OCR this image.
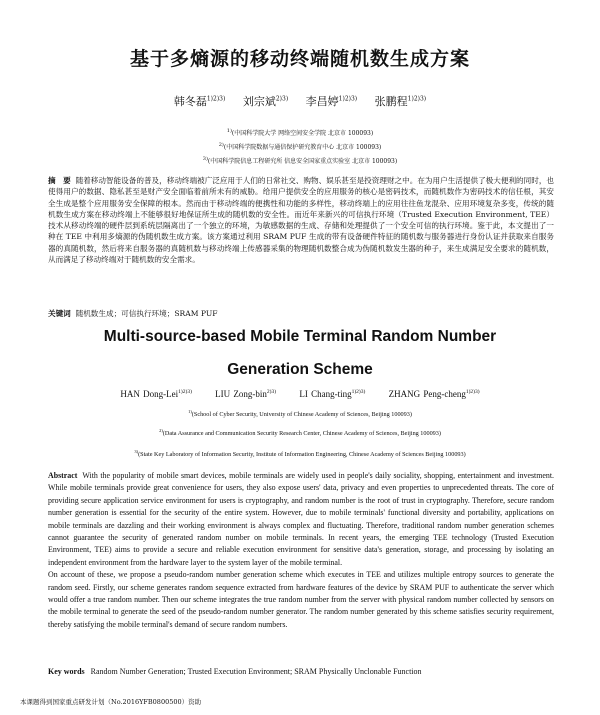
基于多熵源的移动终端随机数生成方案
韩冬磊$^{1)2)3)}$ 刘宗斌$^{2)3)}$ 李昌婷$^{1)2)3)}$ 张鹏程$^{1)2)3)}$
$^{1)}$(中国科学院大学 网络空间安全学院 北京市 100093)
$^{2)}$(中国科学院数据与通信保护研究教育中心 北京市 100093)
$^{3)}$(中国科学院信息工程研究所 信息安全国家重点实验室 北京市 100093)
摘　要 随着移动智能设备的普及，移动终端被广泛应用于人们的日常社交、购物、娱乐甚至是投资理财之中。在为用户生活提供了极大便利的同时，也使得用户的数据、隐私甚至是财产安全面临着前所未有的威胁。给用户提供安全的应用服务的核心是密码技术，而随机数作为密码技术的信任根，其安全生成是整个应用服务安全保障的根本。然而由于移动终端的便携性和功能的多样性，移动终端上的应用往往鱼龙混杂、应用环境复杂多变，传统的随机数生成方案在移动终端上不能够很好地保证所生成的随机数的安全性。而近年来新兴的可信执行环境（Trusted Execution Environment, TEE）技术从移动终端的硬件层到系统层隔离出了一个独立的环境，为敏感数据的生成、存储和处理提供了一个安全可信的执行环境。鉴于此，本文提出了一种在 TEE 中利用多熵源的伪随机数生成方案。该方案通过利用 SRAM PUF 生成的带有设备硬件特征的随机数与服务器进行身份认证并获取来自服务器的真随机数，然后将来自服务器的真随机数与移动终端上传感器采集的物理随机数整合成为伪随机数发生器的种子，来生成满足安全要求的随机数，从而满足了移动终端对于随机数的安全需求。
关键词 随机数生成；可信执行环境；SRAM PUF
Multi-source-based Mobile Terminal Random Number
Generation Scheme
HAN Dong-Lei$^{1)2)3)}$	LIU Zong-bin$^{2)3)}$	LI Chang-ting$^{1)2)3)}$	ZHANG Peng-cheng$^{1)2)3)}$
$^{1)}$(School of Cyber Security, University of Chinese Academy of Sciences, Beijing 100093)
$^{2)}$(Data Assurance and Communication Security Research Center, Chinese Academy of Sciences, Beijing 100093)
$^{3)}$(State Key Laboratory of Information Security, Institute of Information Engineering, Chinese Academy of Sciences Beijing 100093)

Abstract With the popularity of mobile smart devices, mobile terminals are widely used in people's daily sociality, shopping, entertainment and investment. While mobile terminals provide great convenience for users, they also expose users' data, privacy and even properties to unprecedented threats. The core of providing secure application service environment for users is cryptography, and random number is the root of trust in cryptography. Therefore, secure random number generation is essential for the security of the entire system. However, due to mobile terminals' functional diversity and portability, applications on mobile terminals are dazzling and their working environment is always complex and fluctuating. Therefore, traditional random number generation schemes cannot guarantee the security of generated random number on mobile terminals. In recent years, the emerging TEE technology (Trusted Execution Environment, TEE) aims to provide a secure and reliable execution environment for sensitive data's generation, storage, and processing by isolating an independent environment from the hardware layer to the system layer of the mobile terminal.

On account of these, we propose a pseudo-random number generation scheme which executes in TEE and utilizes multiple entropy sources to generate the random seed. Firstly, our scheme generates random sequence extracted from hardware features of the device by SRAM PUF to authenticate the server which would offer a true random number. Then our scheme integrates the true random number from the server with physical random number collected by sensors on the mobile terminal to generate the seed of the pseudo-random number generator. The random number generated by this scheme satisfies security requirement, thereby satisfying the mobile terminal's demand of secure random numbers.

Key words Random Number Generation; Trusted Execution Environment; SRAM Physically Unclonable Function
本课题得到国家重点研发计划（No.2016YFB0800500）资助
